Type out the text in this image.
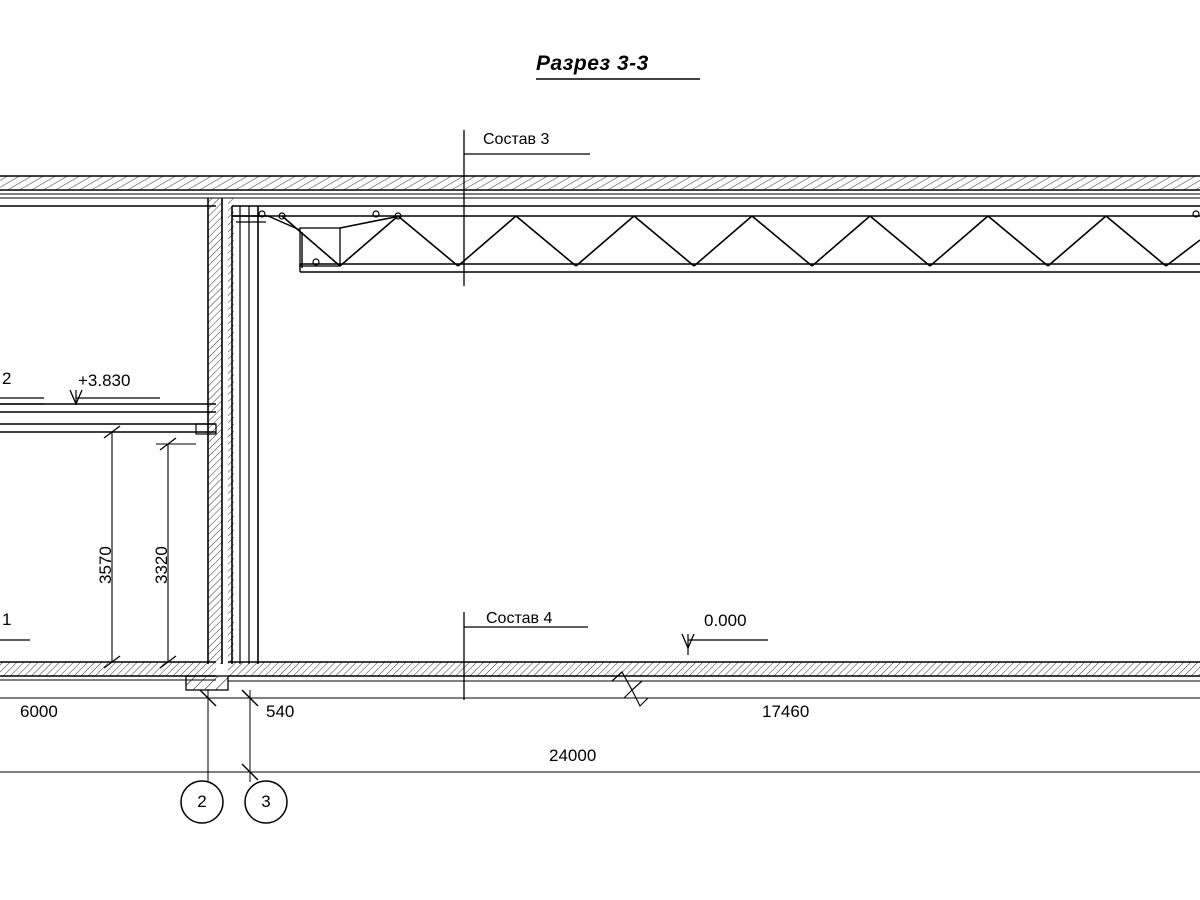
Разрез 3-3
Состав 3
Состав 4
+3.830
0.000
2
1
3570 3320
6000	540	17460
24000
2	3
